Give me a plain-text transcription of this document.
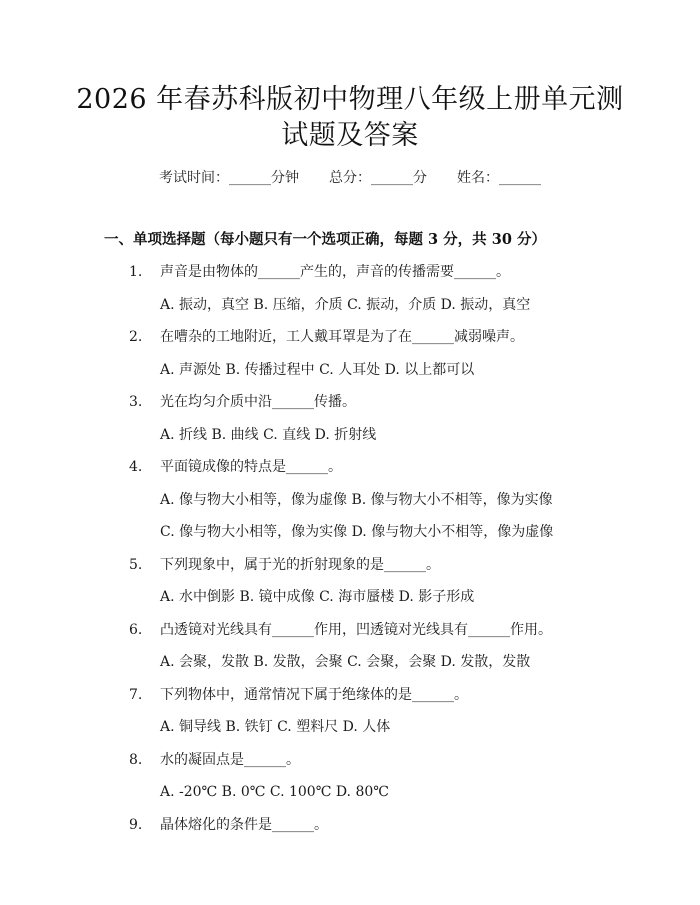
2026 年春苏科版初中物理八年级上册单元测
试题及答案
考试时间：______分钟 总分：______分 姓名：______
一、单项选择题（每小题只有一个选项正确，每题 3 分，共 30 分）
1. 声音是由物体的______产生的，声音的传播需要______。
A. 振动，真空 B. 压缩，介质 C. 振动，介质 D. 振动，真空
2. 在嘈杂的工地附近，工人戴耳罩是为了在______减弱噪声。
A. 声源处 B. 传播过程中 C. 人耳处 D. 以上都可以
3. 光在均匀介质中沿______传播。
A. 折线 B. 曲线 C. 直线 D. 折射线
4. 平面镜成像的特点是______。
A. 像与物大小相等，像为虚像 B. 像与物大小不相等，像为实像
C. 像与物大小相等，像为实像 D. 像与物大小不相等，像为虚像
5. 下列现象中，属于光的折射现象的是______。
A. 水中倒影 B. 镜中成像 C. 海市蜃楼 D. 影子形成
6. 凸透镜对光线具有______作用，凹透镜对光线具有______作用。
A. 会聚，发散 B. 发散，会聚 C. 会聚，会聚 D. 发散，发散
7. 下列物体中，通常情况下属于绝缘体的是______。
A. 铜导线 B. 铁钉 C. 塑料尺 D. 人体
8. 水的凝固点是______。
A. -20℃ B. 0℃ C. 100℃ D. 80℃
9. 晶体熔化的条件是______。
